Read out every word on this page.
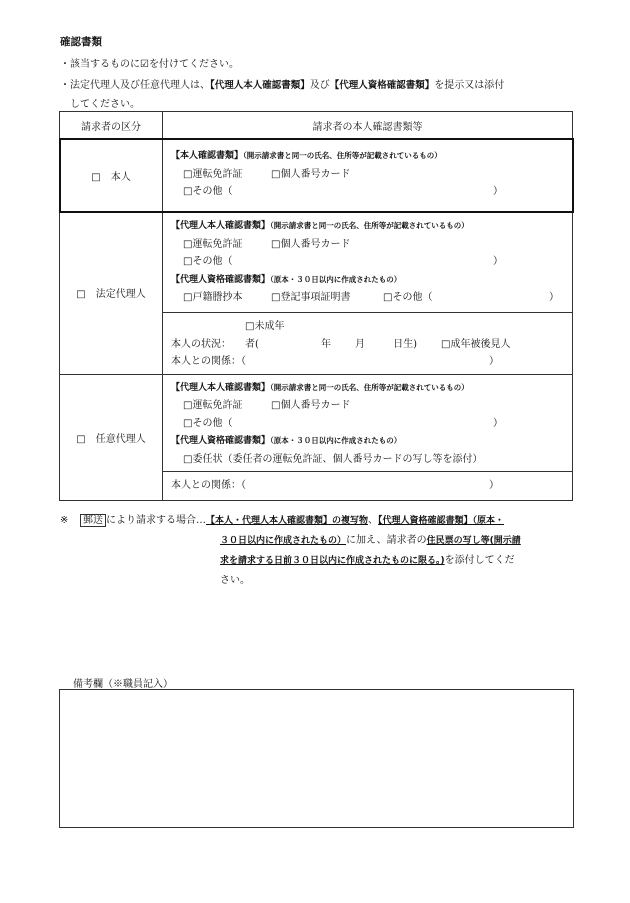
確認書類
・該当するものに☑を付けてください。
・法定代理人及び任意代理人は、【代理人本人確認書類】及び【代理人資格確認書類】を提示又は添付
してください。
請求者の区分	請求者の本人確認書類等
□　本人	【本人確認書類】（開示請求書と同一の氏名、住所等が記載されているもの）
□運転免許証 □個人番号カード
□その他（ ）

□　法定代理人	【代理人本人確認書類】（開示請求書と同一の氏名、住所等が記載されているもの）
□運転免許証 □個人番号カード
□その他（ ）
【代理人資格確認書類】（原本・３０日以内に作成されたもの）
□戸籍謄抄本 □登記事項証明書 □その他（ ）

	本人の状況：□未成年者( 年 月 日生) □成年被後見人
本人との関係：（ ）

□　任意代理人	【代理人本人確認書類】（開示請求書と同一の氏名、住所等が記載されているもの）
□運転免許証 □個人番号カード
□その他（ ）
【代理人資格確認書類】（原本・３０日以内に作成されたもの）
□委任状（委任者の運転免許証、個人番号カードの写し等を添付）

	本人との関係：（ ）
※ 郵送 により請求する場合…【本人・代理人本人確認書類】の複写物、【代理人資格確認書類】（原本・
３０日以内に作成されたもの）に加え、請求者の住民票の写し等(開示請
求を請求する日前３０日以内に作成されたものに限る。)を添付してくだ
さい。
備考欄（※職員記入）
